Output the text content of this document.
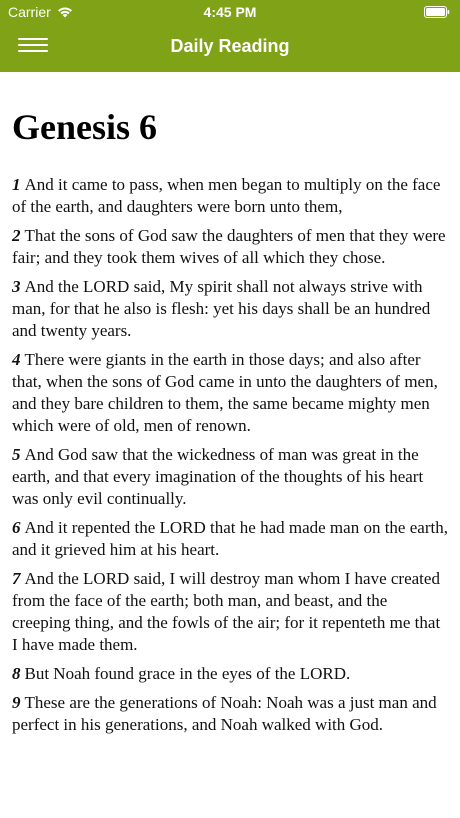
Carrier	4:45 PM
Daily Reading
Genesis 6

1 And it came to pass, when men began to multiply on the face of the earth, and daughters were born unto them,

2 That the sons of God saw the daughters of men that they were fair; and they took them wives of all which they chose.

3 And the LORD said, My spirit shall not always strive with man, for that he also is flesh: yet his days shall be an hundred and twenty years.

4 There were giants in the earth in those days; and also after that, when the sons of God came in unto the daughters of men, and they bare children to them, the same became mighty men which were of old, men of renown.

5 And God saw that the wickedness of man was great in the earth, and that every imagination of the thoughts of his heart was only evil continually.

6 And it repented the LORD that he had made man on the earth, and it grieved him at his heart.

7 And the LORD said, I will destroy man whom I have created from the face of the earth; both man, and beast, and the creeping thing, and the fowls of the air; for it repenteth me that I have made them.

8 But Noah found grace in the eyes of the LORD.

9 These are the generations of Noah: Noah was a just man and perfect in his generations, and Noah walked with God.
